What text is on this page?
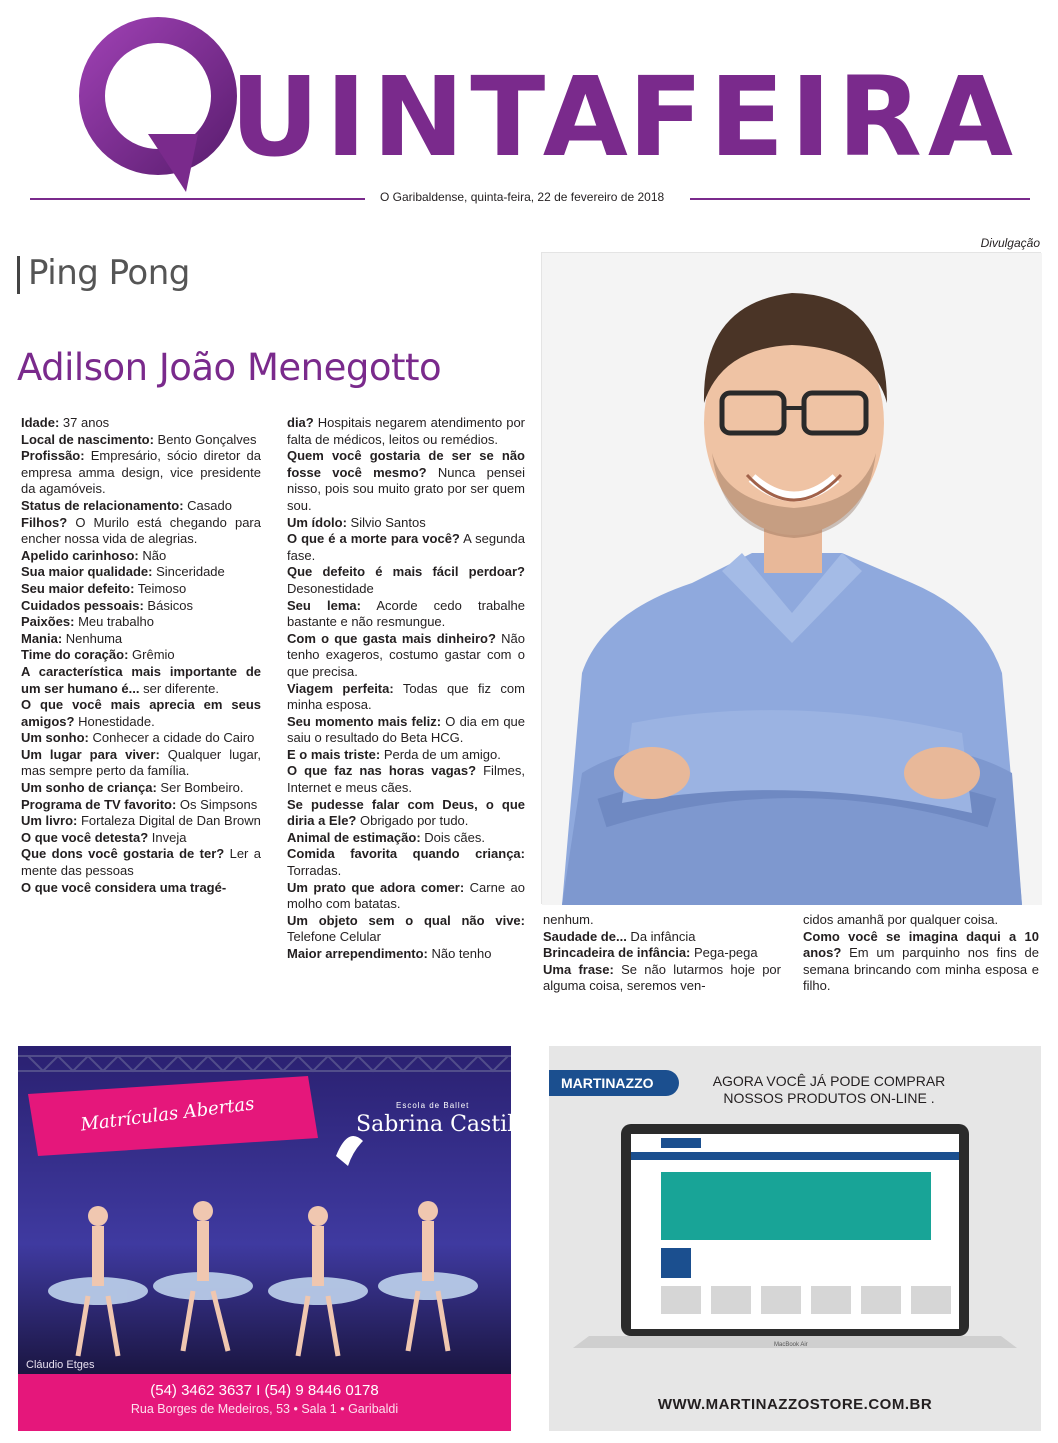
UINTA
FEIRA
O Garibaldense, quinta-feira, 22 de fevereiro de 2018
Ping Pong
Adilson João Menegotto

Idade: 37 anos

Local de nascimento: Bento Gonçalves

Profissão: Empresário, sócio diretor da empresa amma design, vice presidente da agamóveis.

Status de relacionamento: Casado

Filhos? O Murilo está chegando para encher nossa vida de alegrias.

Apelido carinhoso: Não

Sua maior qualidade: Sinceridade

Seu maior defeito: Teimoso

Cuidados pessoais: Básicos

Paixões: Meu trabalho

Mania: Nenhuma

Time do coração: Grêmio

A característica mais importante de um ser humano é... ser diferente.

O que você mais aprecia em seus amigos? Honestidade.

Um sonho: Conhecer a cidade do Cairo

Um lugar para viver: Qualquer lugar, mas sempre perto da família.

Um sonho de criança: Ser Bombeiro.

Programa de TV favorito: Os Simpsons

Um livro: Fortaleza Digital de Dan Brown

O que você detesta? Inveja

Que dons você gostaria de ter? Ler a mente das pessoas

O que você considera uma tragé-

dia? Hospitais negarem atendimento por falta de médicos, leitos ou remédios.

Quem você gostaria de ser se não fosse você mesmo? Nunca pensei nisso, pois sou muito grato por ser quem sou.

Um ídolo: Silvio Santos

O que é a morte para você? A segunda fase.

Que defeito é mais fácil perdoar? Desonestidade

Seu lema: Acorde cedo trabalhe bastante e não resmungue.

Com o que gasta mais dinheiro? Não tenho exageros, costumo gastar com o que precisa.

Viagem perfeita: Todas que fiz com minha esposa.

Seu momento mais feliz: O dia em que saiu o resultado do Beta HCG.

E o mais triste: Perda de um amigo.

O que faz nas horas vagas? Filmes, Internet e meus cães.

Se pudesse falar com Deus, o que diria a Ele? Obrigado por tudo.

Animal de estimação: Dois cães.

Comida favorita quando criança: Torradas.

Um prato que adora comer: Carne ao molho com batatas.

Um objeto sem o qual não vive: Telefone Celular

Maior arrependimento: Não tenho

nenhum.

Saudade de... Da infância

Brincadeira de infância: Pega-pega

Uma frase: Se não lutarmos hoje por alguma coisa, seremos ven-

cidos amanhã por qualquer coisa.

Como você se imagina daqui a 10 anos? Em um parquinho nos fins de semana brincando com minha esposa e filho.

Divulgação
Matrículas Abertas	Escola de Ballet
Sabrina Castilla
Cláudio Etges
(54) 3462 3637 I (54) 9 8446 0178
Rua Borges de Medeiros, 53 • Sala 1 • Garibaldi
MARTINAZZO	AGORA VOCÊ JÁ PODE COMPRAR
NOSSOS PRODUTOS ON-LINE .
MacBook Air
WWW.MARTINAZZOSTORE.COM.BR
